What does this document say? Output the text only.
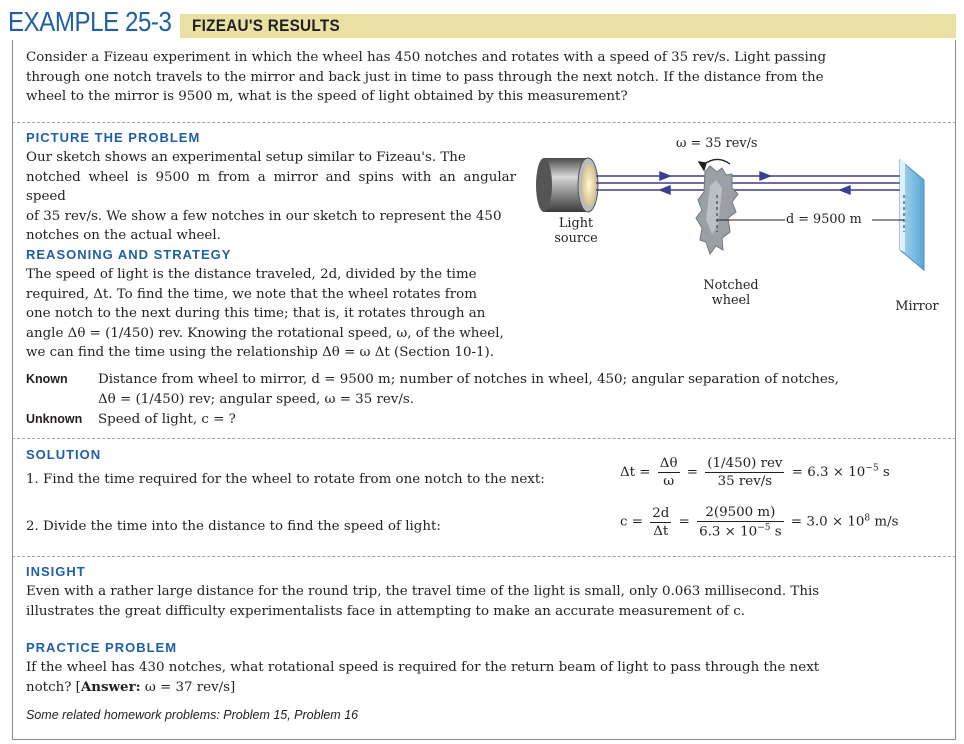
EXAMPLE 25-3 FIZEAU'S RESULTS
Consider a Fizeau experiment in which the wheel has 450 notches and rotates with a speed of 35 rev/s. Light passing
through one notch travels to the mirror and back just in time to pass through the next notch. If the distance from the
wheel to the mirror is 9500 m, what is the speed of light obtained by this measurement?
PICTURE THE PROBLEM
Our sketch shows an experimental setup similar to Fizeau's. The
notched wheel is 9500 m from a mirror and spins with an angular speed
of 35 rev/s. We show a few notches in our sketch to represent the 450
notches on the actual wheel.
ω = 35 rev/s
Light
source
d = 9500 m
Notched
wheel	Mirror
REASONING AND STRATEGY
The speed of light is the distance traveled, 2d, divided by the time
required, Δt. To find the time, we note that the wheel rotates from
one notch to the next during this time; that is, it rotates through an
angle Δθ = (1/450) rev. Knowing the rotational speed, ω, of the wheel,
we can find the time using the relationship Δθ = ω Δt (Section 10-1).
Known Distance from wheel to mirror, d = 9500 m; number of notches in wheel, 450; angular separation of notches,
Δθ = (1/450) rev; angular speed, ω = 35 rev/s.
Unknown Speed of light, c = ?
SOLUTION
1. Find the time required for the wheel to rotate from one notch to the next:
2. Divide the time into the distance to find the speed of light:
$\Delta t = \frac{\Delta\theta}{\omega} = \frac{\text{(1/450) rev}}{\text{35 rev/s}} = 6.3 \times 10^{-5}$ s
$c = \frac{2d}{\Delta t} = \frac{2(9500 m)}{6.3 \times 10^{-5} s} = 3.0 \times 10^8$ m/s
INSIGHT
Even with a rather large distance for the round trip, the travel time of the light is small, only 0.063 millisecond. This
illustrates the great difficulty experimentalists face in attempting to make an accurate measurement of c.
PRACTICE PROBLEM
If the wheel has 430 notches, what rotational speed is required for the return beam of light to pass through the next
notch? [Answer: ω = 37 rev/s]
Some related homework problems: Problem 15, Problem 16
